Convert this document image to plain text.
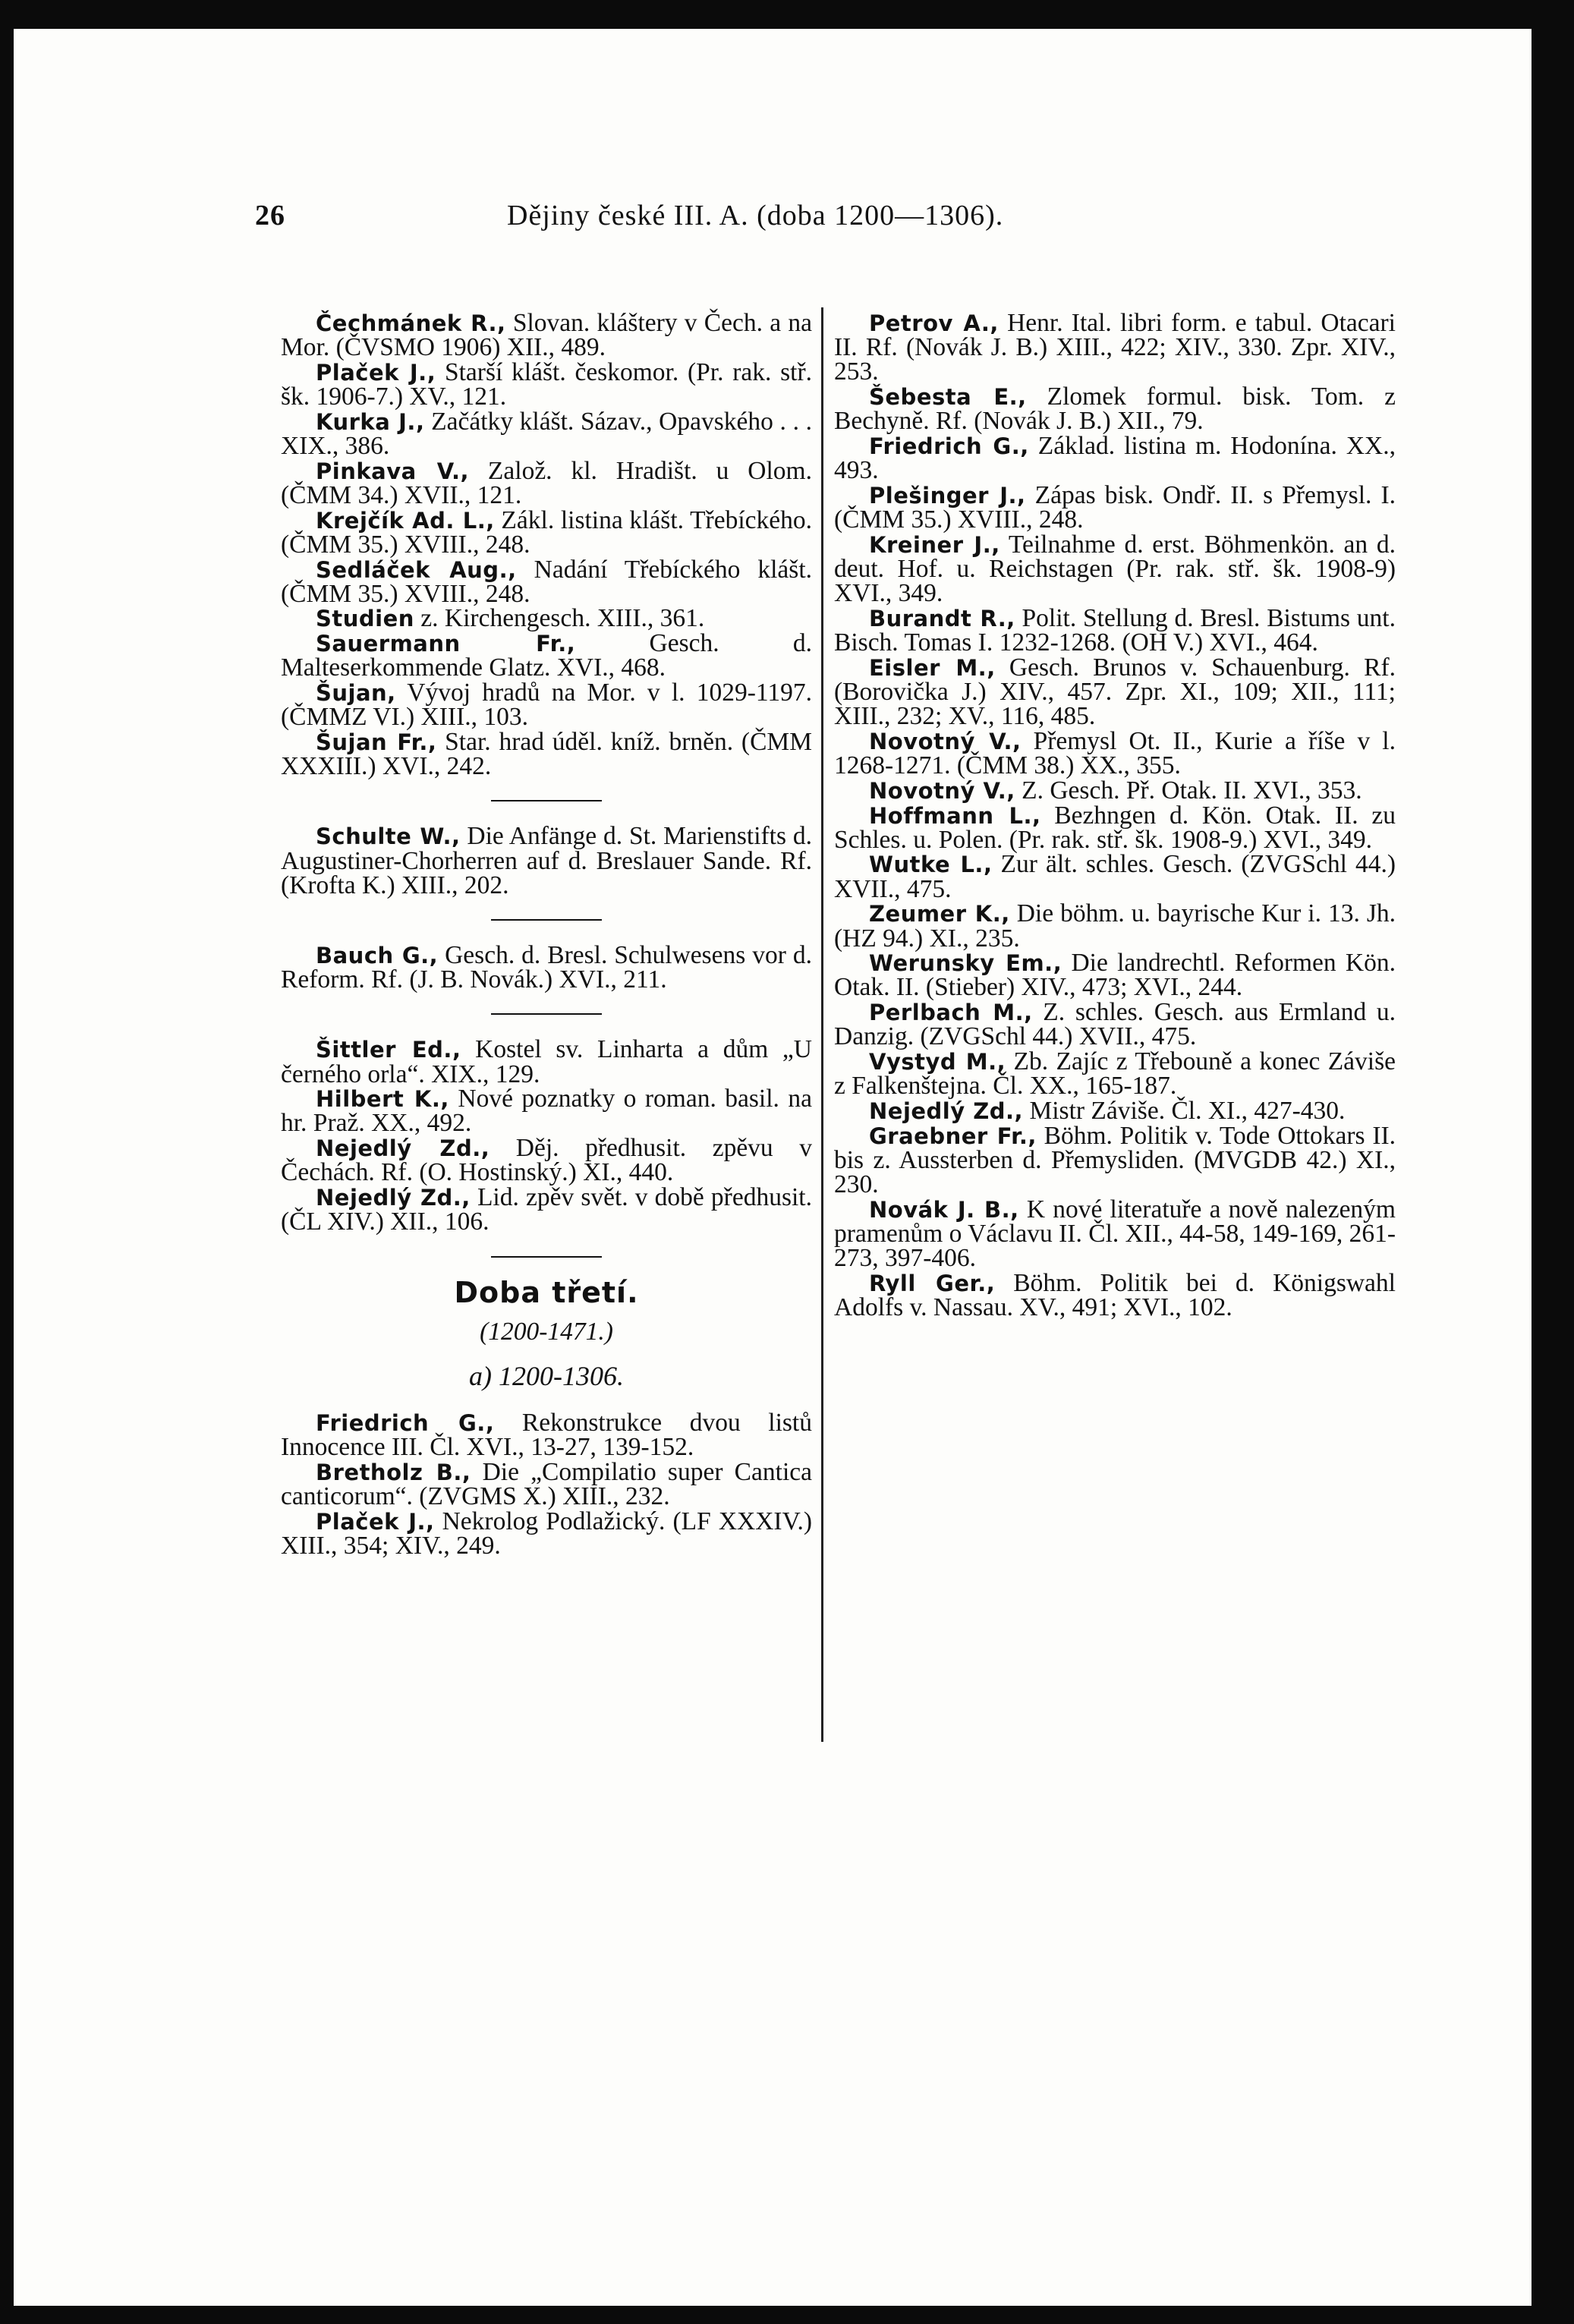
26	Dějiny české III. A. (doba 1200—1306).
Čechmánek R., Slovan. kláštery v Čech. a na Mor. (ČVSMO 1906) XII., 489.
Plaček J., Starší klášt. českomor. (Pr. rak. stř. šk. 1906-7.) XV., 121.
Kurka J., Začátky klášt. Sázav., Opavského . . . XIX., 386.
Pinkava V., Založ. kl. Hradišt. u Olom. (ČMM 34.) XVII., 121.
Krejčík Ad. L., Zákl. listina klášt. Třebíckého. (ČMM 35.) XVIII., 248.
Sedláček Aug., Nadání Třebíckého klášt. (ČMM 35.) XVIII., 248.
Studien z. Kirchengesch. XIII., 361.
Sauermann Fr., Gesch. d. Malteserkommende Glatz. XVI., 468.
Šujan, Vývoj hradů na Mor. v l. 1029-1197. (ČMMZ VI.) XIII., 103.
Šujan Fr., Star. hrad úděl. kníž. brněn. (ČMM XXXIII.) XVI., 242.
Schulte W., Die Anfänge d. St. Marienstifts d. Augustiner-Chorherren auf d. Breslauer Sande. Rf. (Krofta K.) XIII., 202.
Bauch G., Gesch. d. Bresl. Schulwesens vor d. Reform. Rf. (J. B. Novák.) XVI., 211.
Šittler Ed., Kostel sv. Linharta a dům „U černého orla“. XIX., 129.
Hilbert K., Nové poznatky o roman. basil. na hr. Praž. XX., 492.
Nejedlý Zd., Děj. předhusit. zpěvu v Čechách. Rf. (O. Hostinský.) XI., 440.
Nejedlý Zd., Lid. zpěv svět. v době předhusit. (ČL XIV.) XII., 106.
Doba třetí.
(1200-1471.)
a) 1200-1306.
Friedrich G., Rekonstrukce dvou listů Innocence III. Čl. XVI., 13-27, 139-152.
Bretholz B., Die „Compilatio super Cantica canticorum“. (ZVGMS X.) XIII., 232.
Plaček J., Nekrolog Podlažický. (LF XXXIV.) XIII., 354; XIV., 249.
Petrov A., Henr. Ital. libri form. e tabul. Otacari II. Rf. (Novák J. B.) XIII., 422; XIV., 330. Zpr. XIV., 253.
Šebesta E., Zlomek formul. bisk. Tom. z Bechyně. Rf. (Novák J. B.) XII., 79.
Friedrich G., Základ. listina m. Hodonína. XX., 493.
Plešinger J., Zápas bisk. Ondř. II. s Přemysl. I. (ČMM 35.) XVIII., 248.
Kreiner J., Teilnahme d. erst. Böhmenkön. an d. deut. Hof. u. Reichstagen (Pr. rak. stř. šk. 1908-9) XVI., 349.
Burandt R., Polit. Stellung d. Bresl. Bistums unt. Bisch. Tomas I. 1232-1268. (OH V.) XVI., 464.
Eisler M., Gesch. Brunos v. Schauenburg. Rf. (Borovička J.) XIV., 457. Zpr. XI., 109; XII., 111; XIII., 232; XV., 116, 485.
Novotný V., Přemysl Ot. II., Kurie a říše v l. 1268-1271. (ČMM 38.) XX., 355.
Novotný V., Z. Gesch. Př. Otak. II. XVI., 353.
Hoffmann L., Bezhngen d. Kön. Otak. II. zu Schles. u. Polen. (Pr. rak. stř. šk. 1908-9.) XVI., 349.
Wutke L., Zur ält. schles. Gesch. (ZVGSchl 44.) XVII., 475.
Zeumer K., Die böhm. u. bayrische Kur i. 13. Jh. (HZ 94.) XI., 235.
Werunsky Em., Die landrechtl. Reformen Kön. Otak. II. (Stieber) XIV., 473; XVI., 244.
Perlbach M., Z. schles. Gesch. aus Ermland u. Danzig. (ZVGSchl 44.) XVII., 475.
Vystyd M., Zb. Zajíc z Třebouně a konec Záviše z Falkenštejna. Čl. XX., 165-187.
Nejedlý Zd., Mistr Záviše. Čl. XI., 427-430.
Graebner Fr., Böhm. Politik v. Tode Ottokars II. bis z. Aussterben d. Přemysliden. (MVGDB 42.) XI., 230.
Novák J. B., K nové literatuře a nově nalezeným pramenům o Václavu II. Čl. XII., 44-58, 149-169, 261-273, 397-406.
Ryll Ger., Böhm. Politik bei d. Königswahl Adolfs v. Nassau. XV., 491; XVI., 102.
